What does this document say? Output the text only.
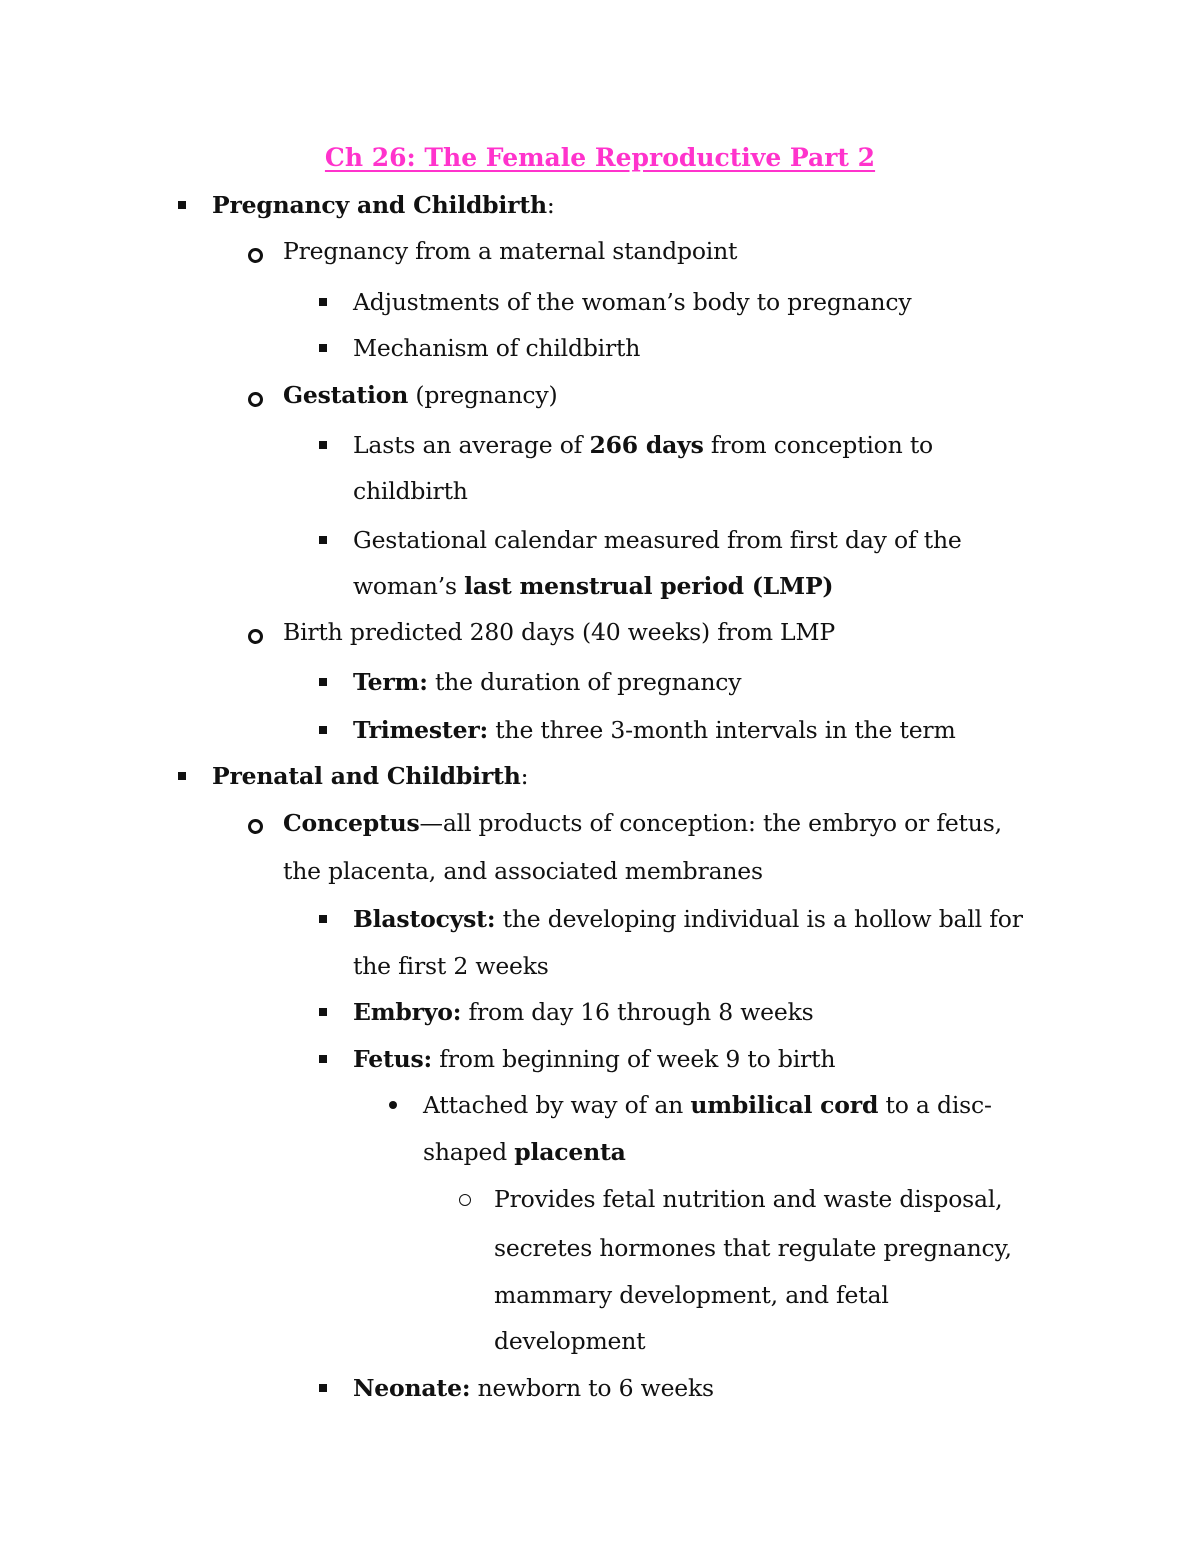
Ch 26: The Female Reproductive Part 2
Pregnancy and Childbirth:
Pregnancy from a maternal standpoint
Adjustments of the woman’s body to pregnancy
Mechanism of childbirth
Gestation (pregnancy)
Lasts an average of 266 days from conception to
childbirth
Gestational calendar measured from first day of the
woman’s last menstrual period (LMP)
Birth predicted 280 days (40 weeks) from LMP
Term: the duration of pregnancy
Trimester: the three 3-month intervals in the term
Prenatal and Childbirth:
Conceptus—all products of conception: the embryo or fetus,
the placenta, and associated membranes
Blastocyst: the developing individual is a hollow ball for
the first 2 weeks
Embryo: from day 16 through 8 weeks
Fetus: from beginning of week 9 to birth
Attached by way of an umbilical cord to a disc-
shaped placenta
Provides fetal nutrition and waste disposal,
secretes hormones that regulate pregnancy,
mammary development, and fetal
development
Neonate: newborn to 6 weeks
